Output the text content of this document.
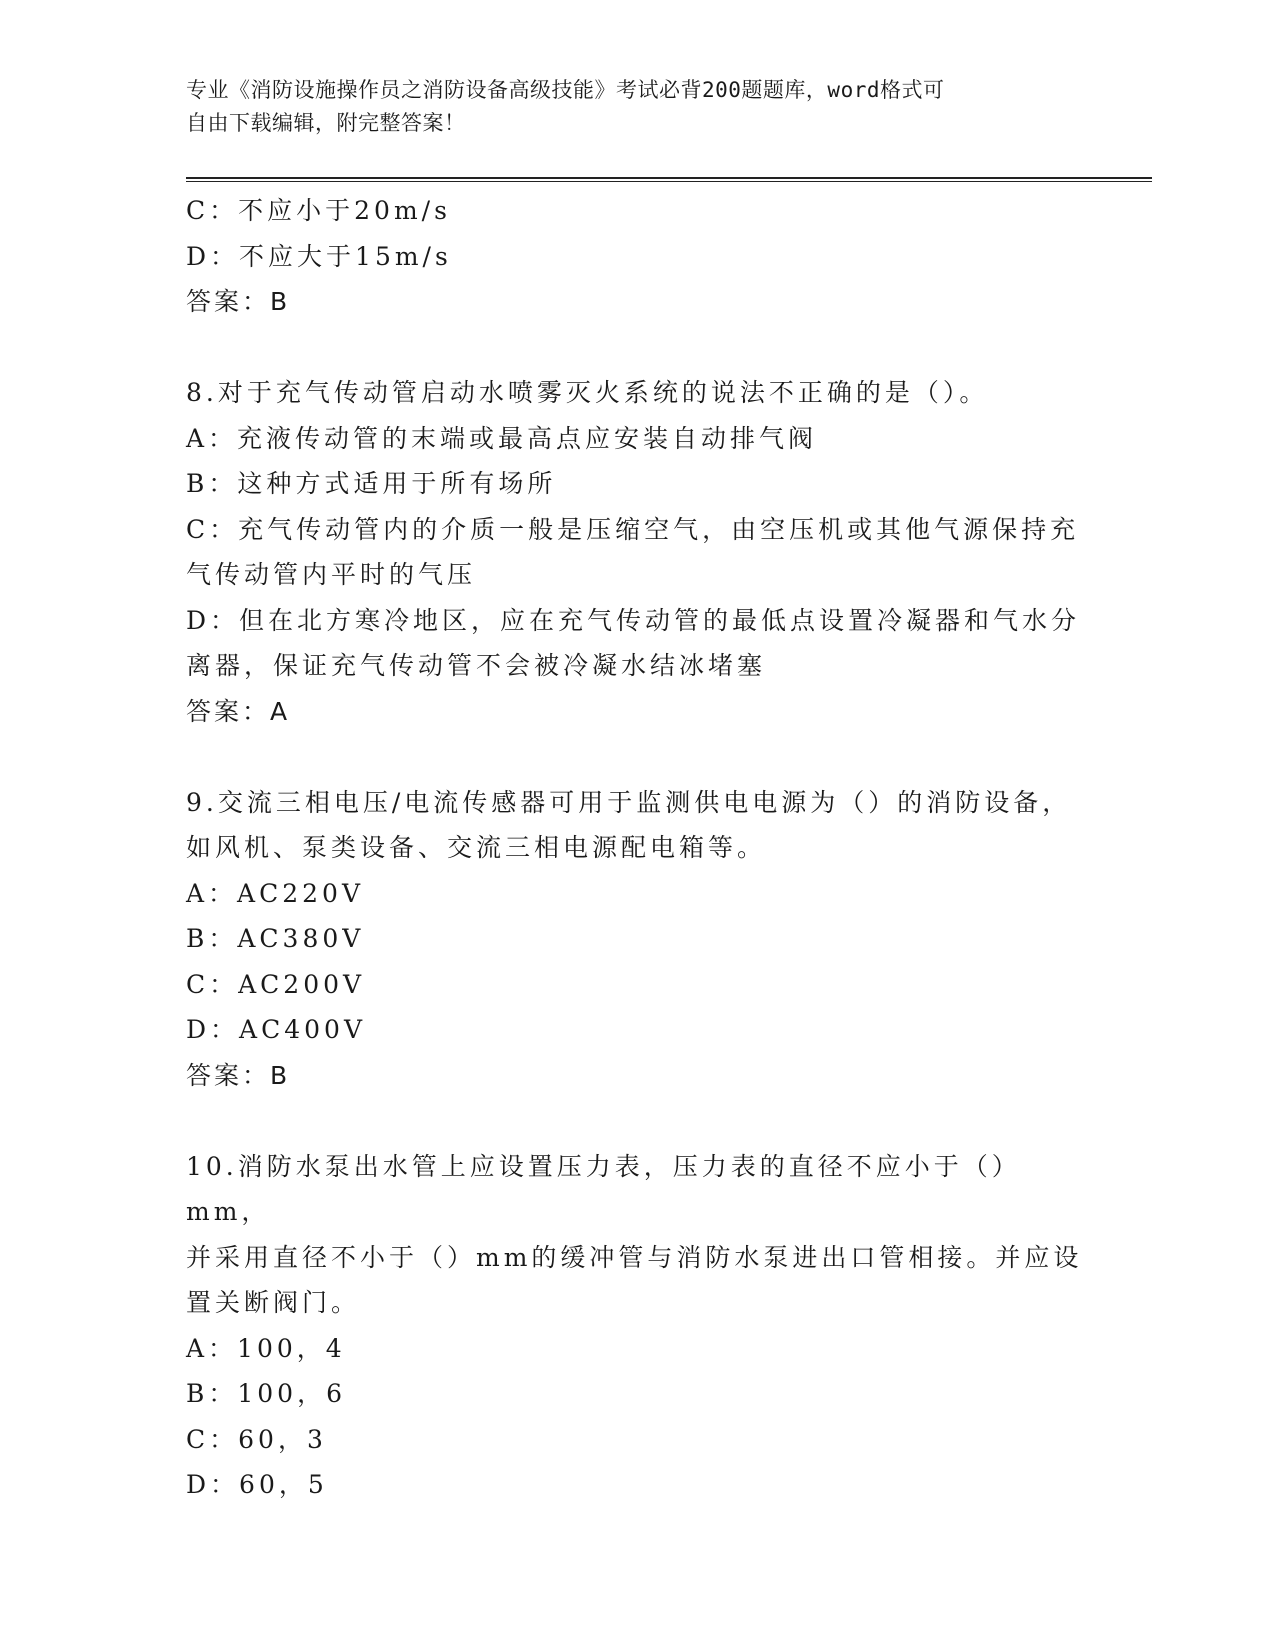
专业《消防设施操作员之消防设备高级技能》考试必背200题题库，word格式可
自由下载编辑，附完整答案！

C：不应小于20m/s

D：不应大于15m/s

答案：B

8.对于充气传动管启动水喷雾灭火系统的说法不正确的是（）。

A：充液传动管的末端或最高点应安装自动排气阀

B：这种方式适用于所有场所

C：充气传动管内的介质一般是压缩空气，由空压机或其他气源保持充

气传动管内平时的气压

D：但在北方寒冷地区，应在充气传动管的最低点设置冷凝器和气水分

离器，保证充气传动管不会被冷凝水结冰堵塞

答案：A

9.交流三相电压/电流传感器可用于监测供电电源为（）的消防设备，

如风机、泵类设备、交流三相电源配电箱等。

A：AC220V

B：AC380V

C：AC200V

D：AC400V

答案：B

10.消防水泵出水管上应设置压力表，压力表的直径不应小于（）mm，

并采用直径不小于（）mm的缓冲管与消防水泵进出口管相接。并应设

置关断阀门。

A：100，4

B：100，6

C：60，3

D：60，5
